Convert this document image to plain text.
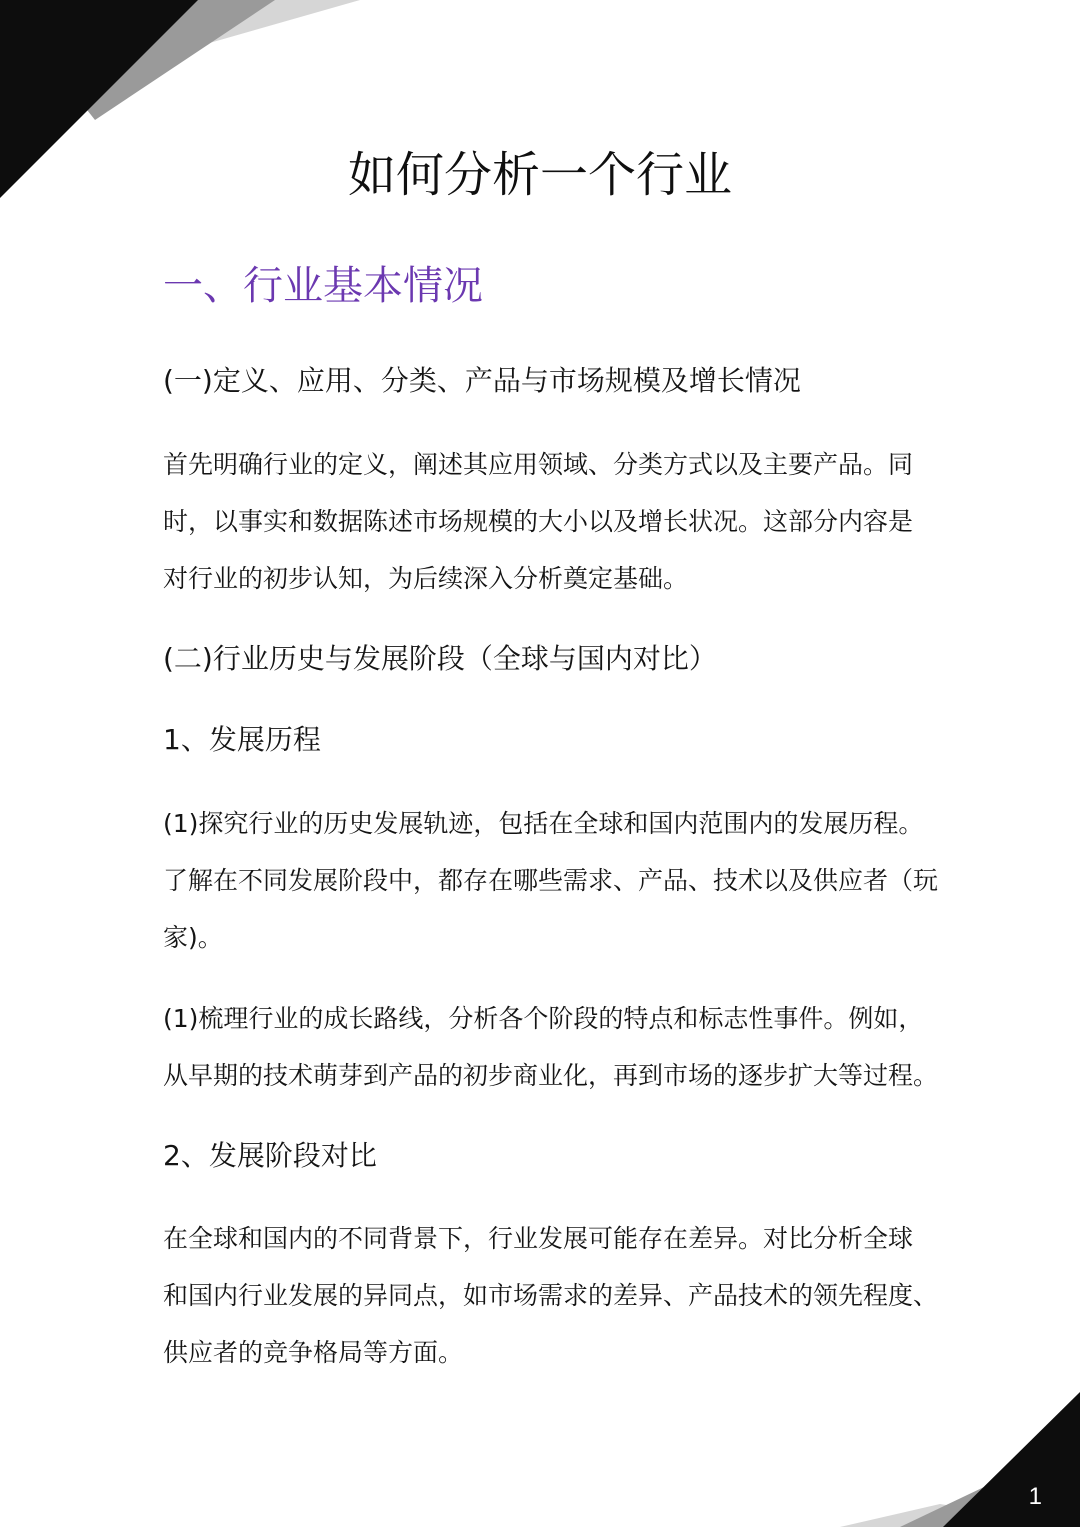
如何分析一个行业
一、行业基本情况
(一)定义、应用、分类、产品与市场规模及增长情况

首先明确行业的定义，阐述其应用领域、分类方式以及主要产品。同
时，以事实和数据陈述市场规模的大小以及增长状况。这部分内容是
对行业的初步认知，为后续深入分析奠定基础。

(二)行业历史与发展阶段（全球与国内对比）
1、发展历程

(1)探究行业的历史发展轨迹，包括在全球和国内范围内的发展历程。
了解在不同发展阶段中，都存在哪些需求、产品、技术以及供应者（玩
家)。

(1)梳理行业的成长路线，分析各个阶段的特点和标志性事件。例如，
从早期的技术萌芽到产品的初步商业化，再到市场的逐步扩大等过程。

2、发展阶段对比

在全球和国内的不同背景下，行业发展可能存在差异。对比分析全球
和国内行业发展的异同点，如市场需求的差异、产品技术的领先程度、
供应者的竞争格局等方面。

1
